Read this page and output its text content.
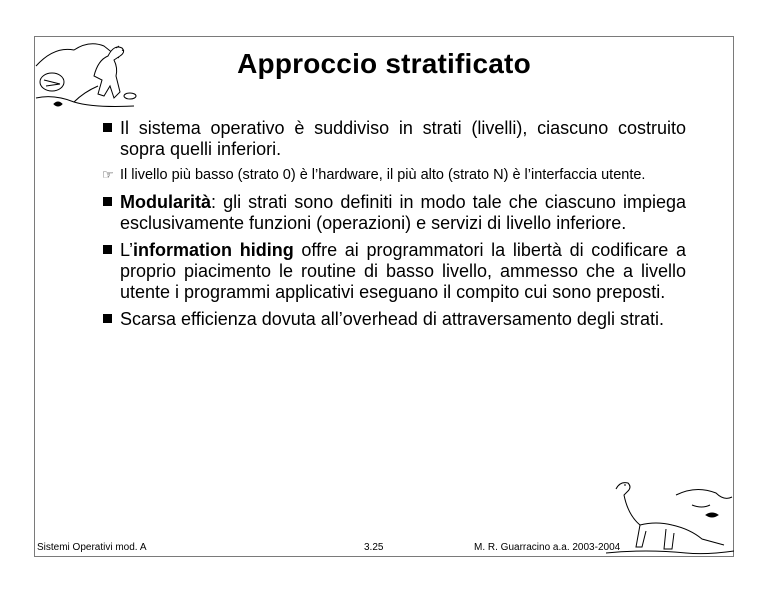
Approccio stratificato
Il sistema operativo è suddiviso in strati (livelli), ciascuno costruito sopra quelli inferiori.
☞ Il livello più basso (strato 0) è l’hardware, il più alto (strato N) è l’interfaccia utente.
Modularità: gli strati sono definiti in modo tale che ciascuno impiega esclusivamente funzioni (operazioni) e servizi di livello inferiore.
L’information hiding offre ai programmatori la libertà di codificare a proprio piacimento le routine di basso livello, ammesso che a livello utente i programmi applicativi eseguano il compito cui sono preposti.
Scarsa efficienza dovuta all’overhead di attraversamento degli strati.
Sistemi Operativi mod. A	3.25	M. R. Guarracino a.a. 2003-2004
